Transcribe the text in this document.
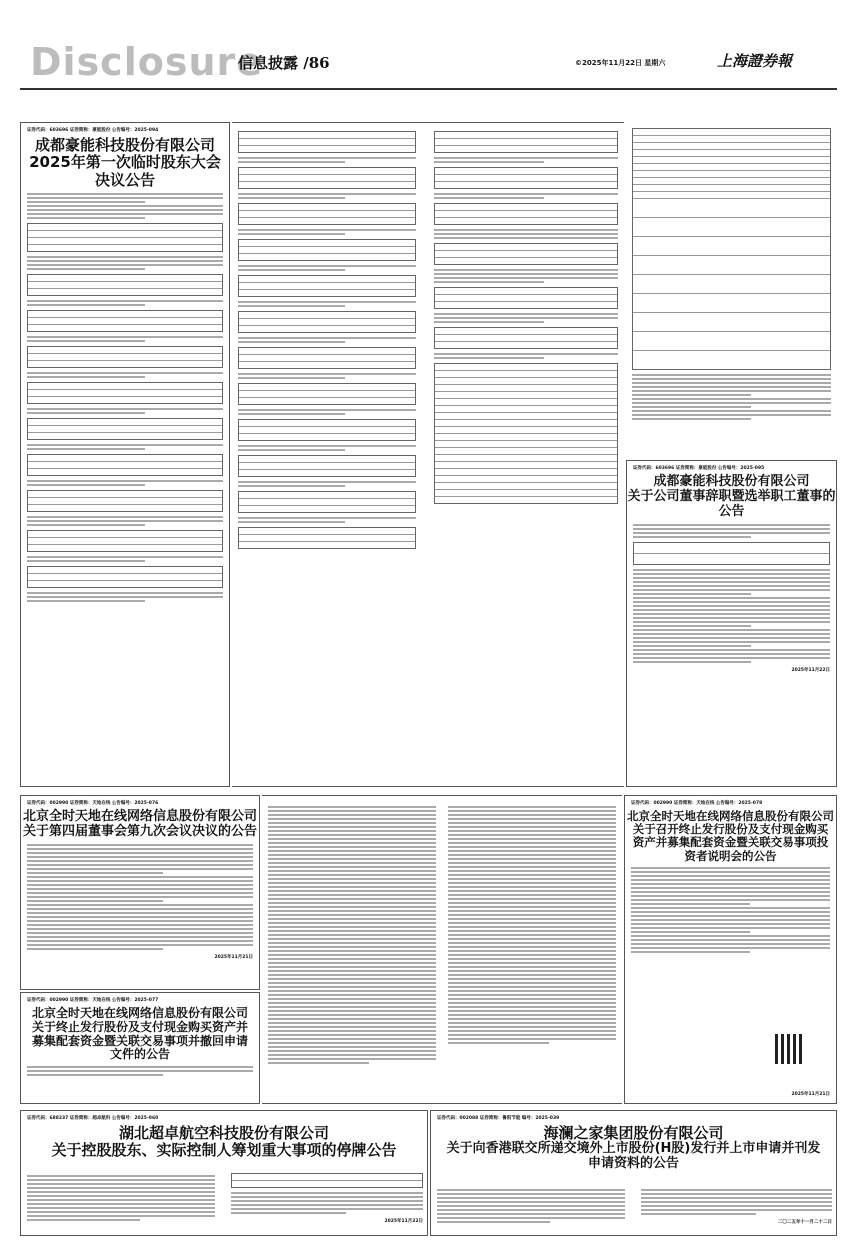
Disclosure
信息披露 /86	©2025年11月22日 星期六	上海證券報
证券代码：603696 证券简称：豪能股份 公告编号：2025-094
成都豪能科技股份有限公司
2025年第一次临时股东大会
决议公告
证券代码：603696 证券简称：豪能股份 公告编号：2025-095
成都豪能科技股份有限公司
关于公司董事辞职暨选举职工董事的
公告
2025年11月22日
证券代码：002990 证券简称：天地在线 公告编号：2025-076
北京全时天地在线网络信息股份有限公司
关于第四届董事会第九次会议决议的公告
2025年11月21日
证券代码：002990 证券简称：天地在线 公告编号：2025-077
北京全时天地在线网络信息股份有限公司
关于终止发行股份及支付现金购买资产并募集配套资金暨关联交易事项并撤回申请文件的公告
证券代码：002990 证券简称：天地在线 公告编号：2025-078
北京全时天地在线网络信息股份有限公司
关于召开终止发行股份及支付现金购买资产并募集配套资金暨关联交易事项投资者说明会的公告
2025年11月21日
证券代码：688237 证券简称：超卓航科 公告编号：2025-060
湖北超卓航空科技股份有限公司
关于控股股东、实际控制人筹划重大事项的停牌公告
2025年11月22日
证券代码：002088 证券简称：鲁阳节能 编号：2025-039
海澜之家集团股份有限公司
关于向香港联交所递交境外上市股份(H股)发行并上市申请并刊发申请资料的公告
二〇二五年十一月二十二日
